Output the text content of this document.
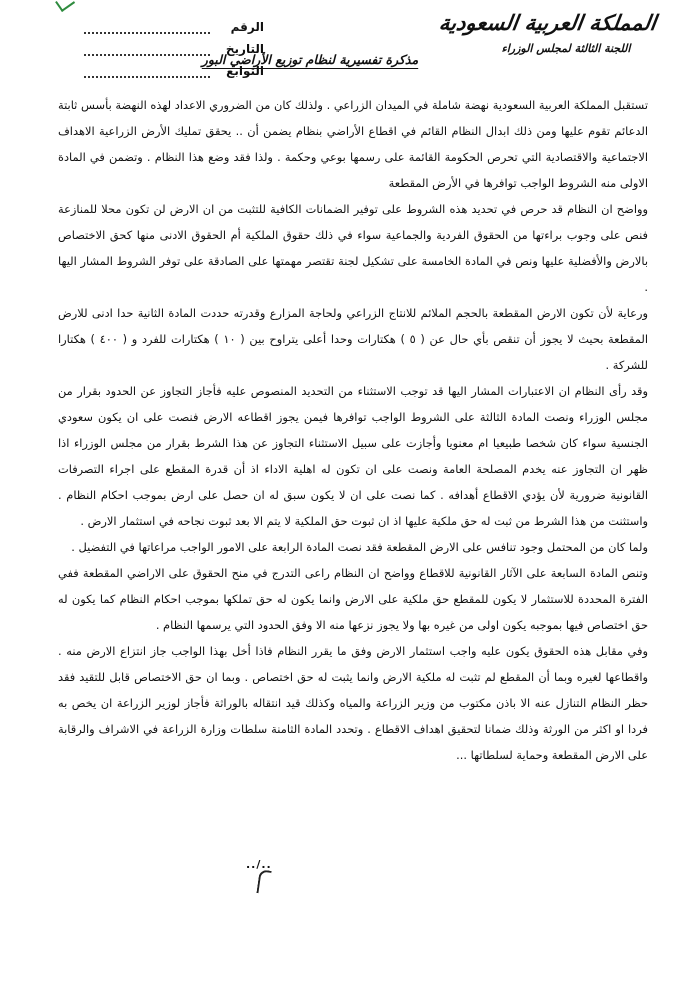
المملكة العربية السعودية
اللجنة الثالثة لمجلس الوزراء
الرقم
التاريخ
التوابع
مذكرة تفسيرية لنظام توزيع الأراضي البور

تستقبل المملكة العربية السعودية نهضة شاملة في الميدان الزراعي . ولذلك كان من الضروري الاعداد لهذه النهضة بأسس ثابتة الدعائم تقوم عليها ومن ذلك ابدال النظام القائم في اقطاع الأراضي بنظام يضمن أن .. يحقق تمليك الأرض الزراعية الاهداف الاجتماعية والاقتصادية التي تحرص الحكومة القائمة على رسمها بوعي وحكمة . ولذا فقد وضع هذا النظام . وتضمن في المادة الاولى منه الشروط الواجب توافرها في الأرض المقطعة

وواضح ان النظام قد حرص في تحديد هذه الشروط على توفير الضمانات الكافية للتثبت من ان الارض لن تكون محلا للمنازعة فنص على وجوب براءتها من الحقوق الفردية والجماعية سواء في ذلك حقوق الملكية أم الحقوق الادنى منها كحق الاختصاص بالارض والأفضلية عليها ونص في المادة الخامسة على تشكيل لجنة تقتصر مهمتها على الصادقة على توفر الشروط المشار اليها .

ورعاية لأن تكون الارض المقطعة بالحجم الملائم للانتاج الزراعي ولحاجة المزارع وقدرته حددت المادة الثانية حدا ادنى للارض المقطعة بحيث لا يجوز أن تنقص بأي حال عن ( ٥ ) هكتارات وحدا أعلى يتراوح بين ( ١٠ ) هكتارات للفرد و ( ٤٠٠ ) هكتارا للشركة .

وقد رأى النظام ان الاعتبارات المشار اليها قد توجب الاستثناء من التحديد المنصوص عليه فأجاز التجاوز عن الحدود بقرار من مجلس الوزراء ونصت المادة الثالثة على الشروط الواجب توافرها فيمن يجوز اقطاعه الارض فنصت على ان يكون سعودي الجنسية سواء كان شخصا طبيعيا ام معنويا وأجازت على سبيل الاستثناء التجاوز عن هذا الشرط بقرار من مجلس الوزراء اذا ظهر ان التجاوز عنه يخدم المصلحة العامة ونصت على ان تكون له اهلية الاداء اذ أن قدرة المقطع على اجراء التصرفات القانونية ضرورية لأن يؤدي الاقطاع أهدافه . كما نصت على ان لا يكون سبق له ان حصل على ارض بموجب احكام النظام . واستثنت من هذا الشرط من ثبت له حق ملكية عليها اذ ان ثبوت حق الملكية لا يتم الا بعد ثبوت نجاحه في استثمار الارض .

ولما كان من المحتمل وجود تنافس على الارض المقطعة فقد نصت المادة الرابعة على الامور الواجب مراعاتها في التفضيل .

وتنص المادة السابعة على الآثار القانونية للاقطاع وواضح ان النظام راعى التدرج في منح الحقوق على الاراضي المقطعة ففي الفترة المحددة للاستثمار لا يكون للمقطع حق ملكية على الارض وانما يكون له حق تملكها بموجب احكام النظام كما يكون له حق اختصاص فيها بموجبه يكون اولى من غيره بها ولا يجوز نزعها منه الا وفق الحدود التي يرسمها النظام .

وفي مقابل هذه الحقوق يكون عليه واجب استثمار الارض وفق ما يقرر النظام فاذا أخل بهذا الواجب جاز انتزاع الارض منه . واقطاعها لغيره وبما أن المقطع لم تثبت له ملكية الارض وانما يثبت له حق اختصاص . وبما ان حق الاختصاص قابل للتقيد فقد حظر النظام التنازل عنه الا باذن مكتوب من وزير الزراعة والمياه وكذلك قيد انتقاله بالوراثة فأجاز لوزير الزراعة ان يخص به فردا او اكثر من الورثة وذلك ضمانا لتحقيق اهداف الاقطاع . وتحدد المادة الثامنة سلطات وزارة الزراعة في الاشراف والرقابة على الارض المقطعة وحماية لسلطاتها ...

../..
